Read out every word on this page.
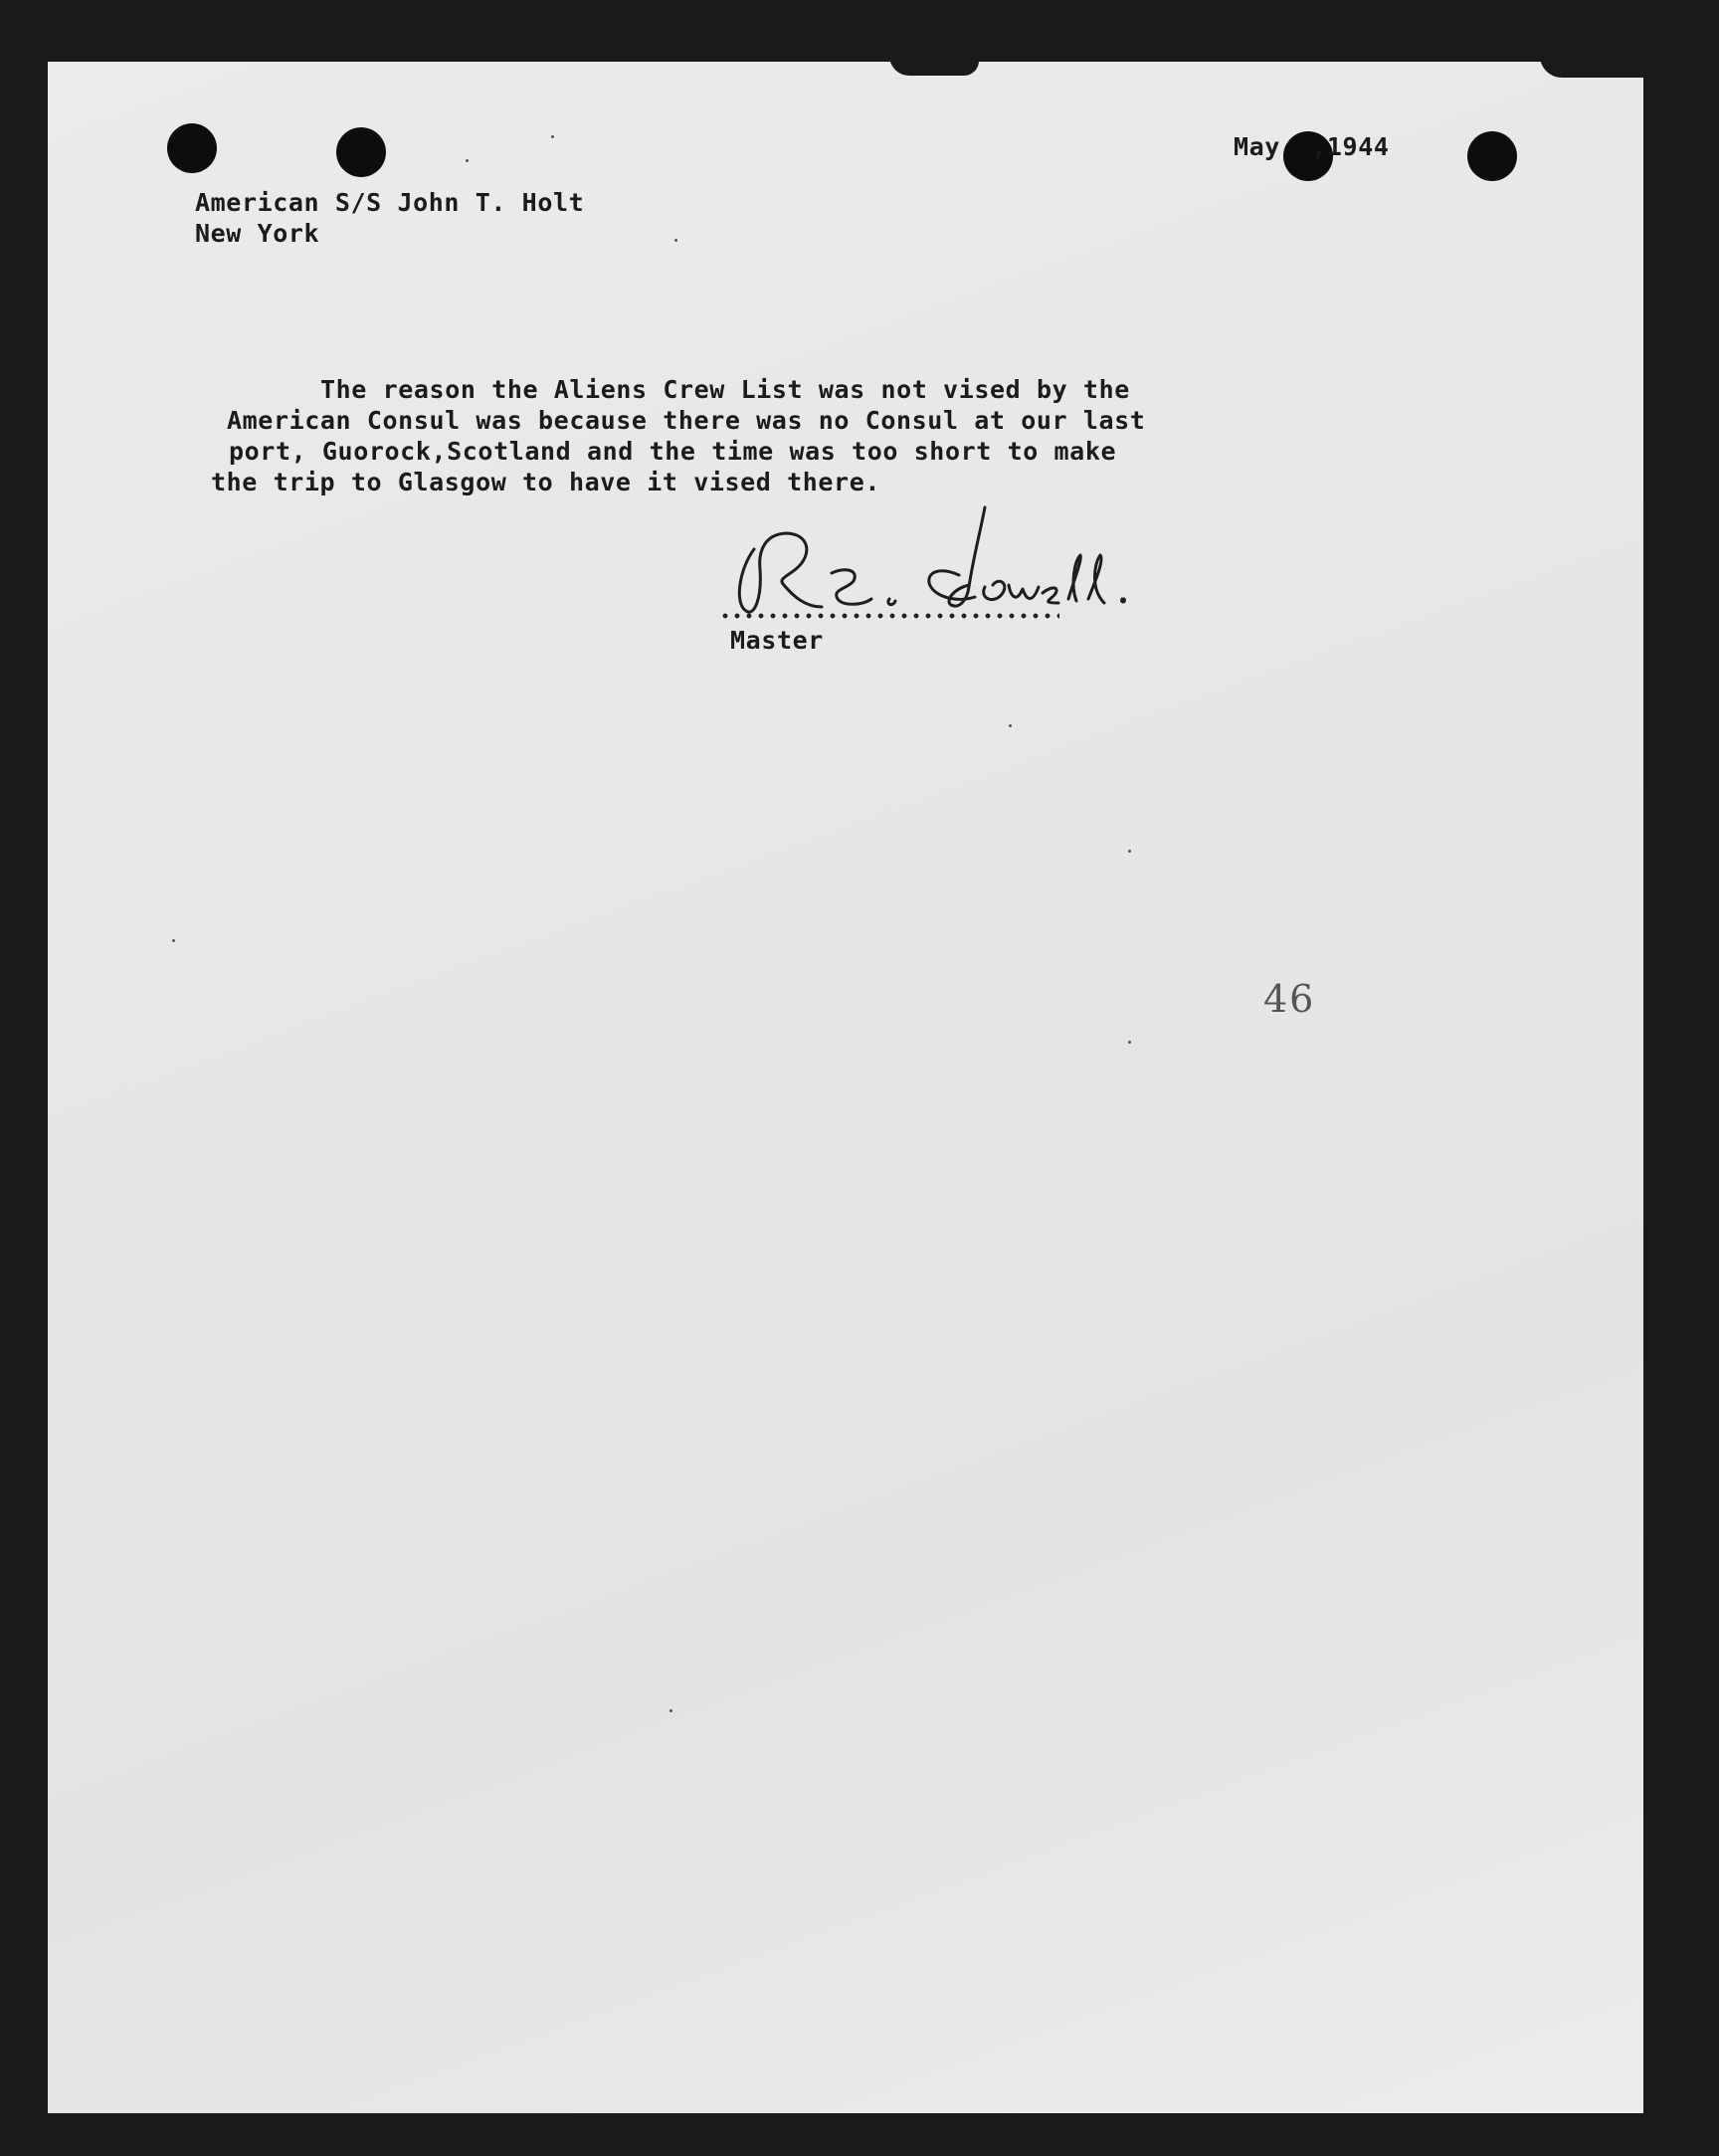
May  ,1944
American S/S John T. Holt
New York
The reason the Aliens Crew List was not vised by the
American Consul was because there was no Consul at our last
port, Guorock,Scotland and the time was too short to make
the trip to Glasgow to have it vised there.
Master
46
